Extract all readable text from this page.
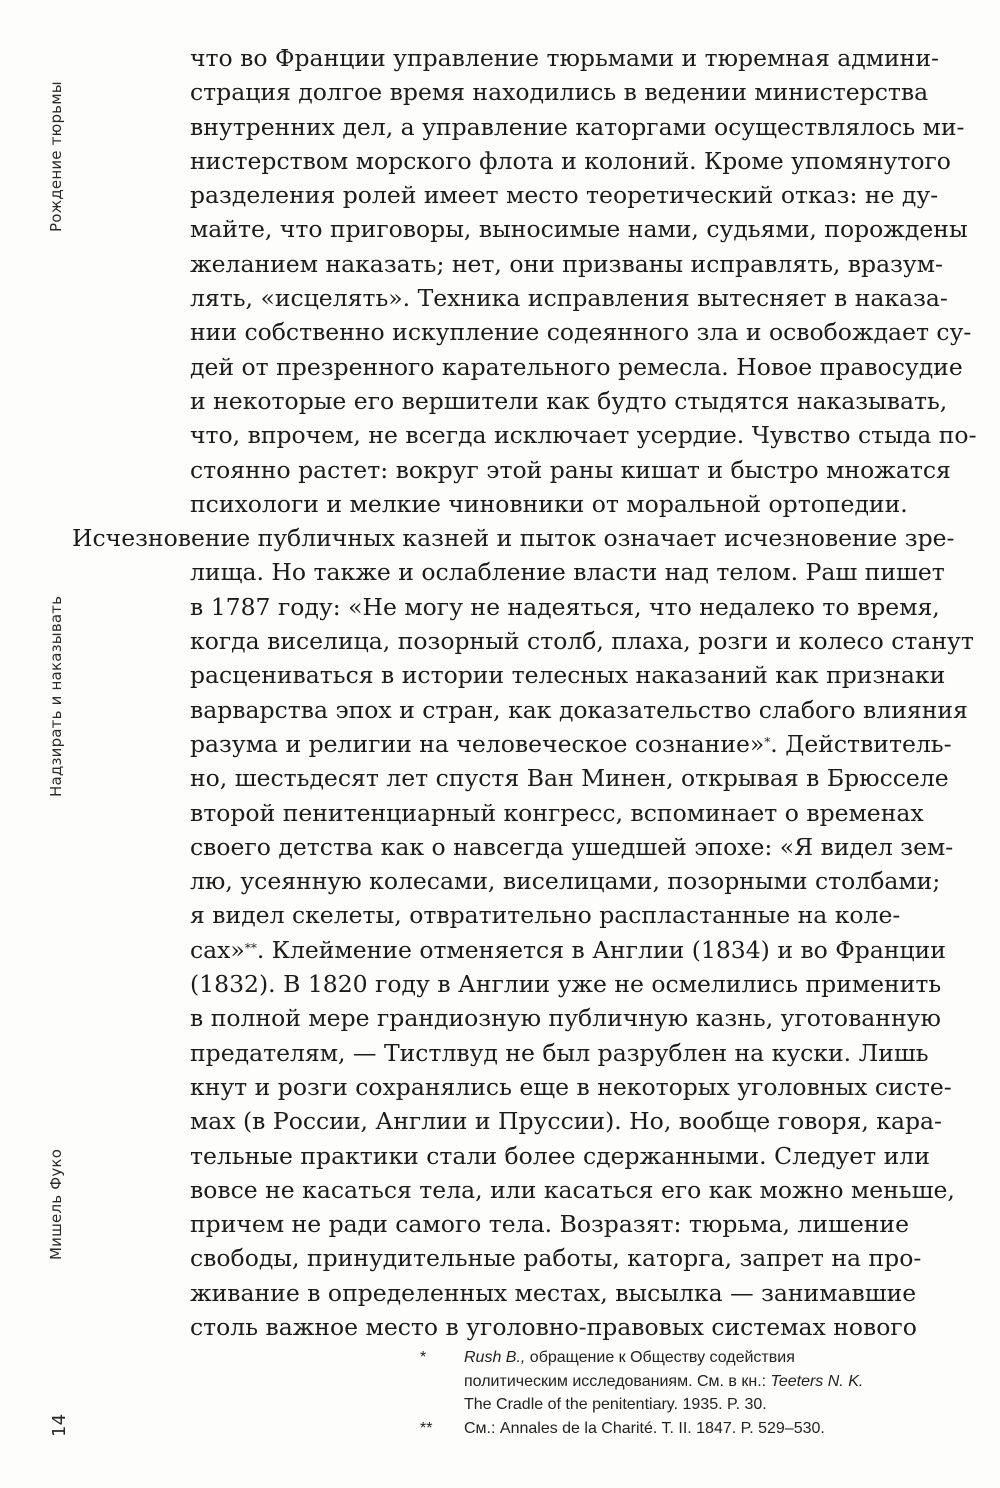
Рождение тюрьмы
Надзирать и наказывать
Мишель Фуко
14
что во Франции управление тюрьмами и тюремная админи-
страция долгое время находились в ведении министерства
внутренних дел, а управление каторгами осуществлялось ми-
нистерством морского флота и колоний. Кроме упомянутого
разделения ролей имеет место теоретический отказ: не ду-
майте, что приговоры, выносимые нами, судьями, порождены
желанием наказать; нет, они призваны исправлять, вразум-
лять, «исцелять». Техника исправления вытесняет в наказа-
нии собственно искупление содеянного зла и освобождает су-
дей от презренного карательного ремесла. Новое правосудие
и некоторые его вершители как будто стыдятся наказывать,
что, впрочем, не всегда исключает усердие. Чувство стыда по-
стоянно растет: вокруг этой раны кишат и быстро множатся
психологи и мелкие чиновники от моральной ортопедии.
Исчезновение публичных казней и пыток означает исчезновение зре-
лища. Но также и ослабление власти над телом. Раш пишет
в 1787 году: «Не могу не надеяться, что недалеко то время,
когда виселица, позорный столб, плаха, розги и колесо станут
расцениваться в истории телесных наказаний как признаки
варварства эпох и стран, как доказательство слабого влияния
разума и религии на человеческое сознание»*. Действитель-
но, шестьдесят лет спустя Ван Минен, открывая в Брюсселе
второй пенитенциарный конгресс, вспоминает о временах
своего детства как о навсегда ушедшей эпохе: «Я видел зем-
лю, усеянную колесами, виселицами, позорными столбами;
я видел скелеты, отвратительно распластанные на коле-
сах»**. Клеймение отменяется в Англии (1834) и во Франции
(1832). В 1820 году в Англии уже не осмелились применить
в полной мере грандиозную публичную казнь, уготованную
предателям, — Тистлвуд не был разрублен на куски. Лишь
кнут и розги сохранялись еще в некоторых уголовных систе-
мах (в России, Англии и Пруссии). Но, вообще говоря, кара-
тельные практики стали более сдержанными. Следует или
вовсе не касаться тела, или касаться его как можно меньше,
причем не ради самого тела. Возразят: тюрьма, лишение
свободы, принудительные работы, каторга, запрет на про-
живание в определенных местах, высылка — занимавшие
столь важное место в уголовно-правовых системах нового
* Rush B., обращение к Обществу содействия
политическим исследованиям. См. в кн.: Teeters N. K.
The Cradle of the penitentiary. 1935. P. 30.
** См.: Annales de la Charité. T. II. 1847. P. 529–530.
